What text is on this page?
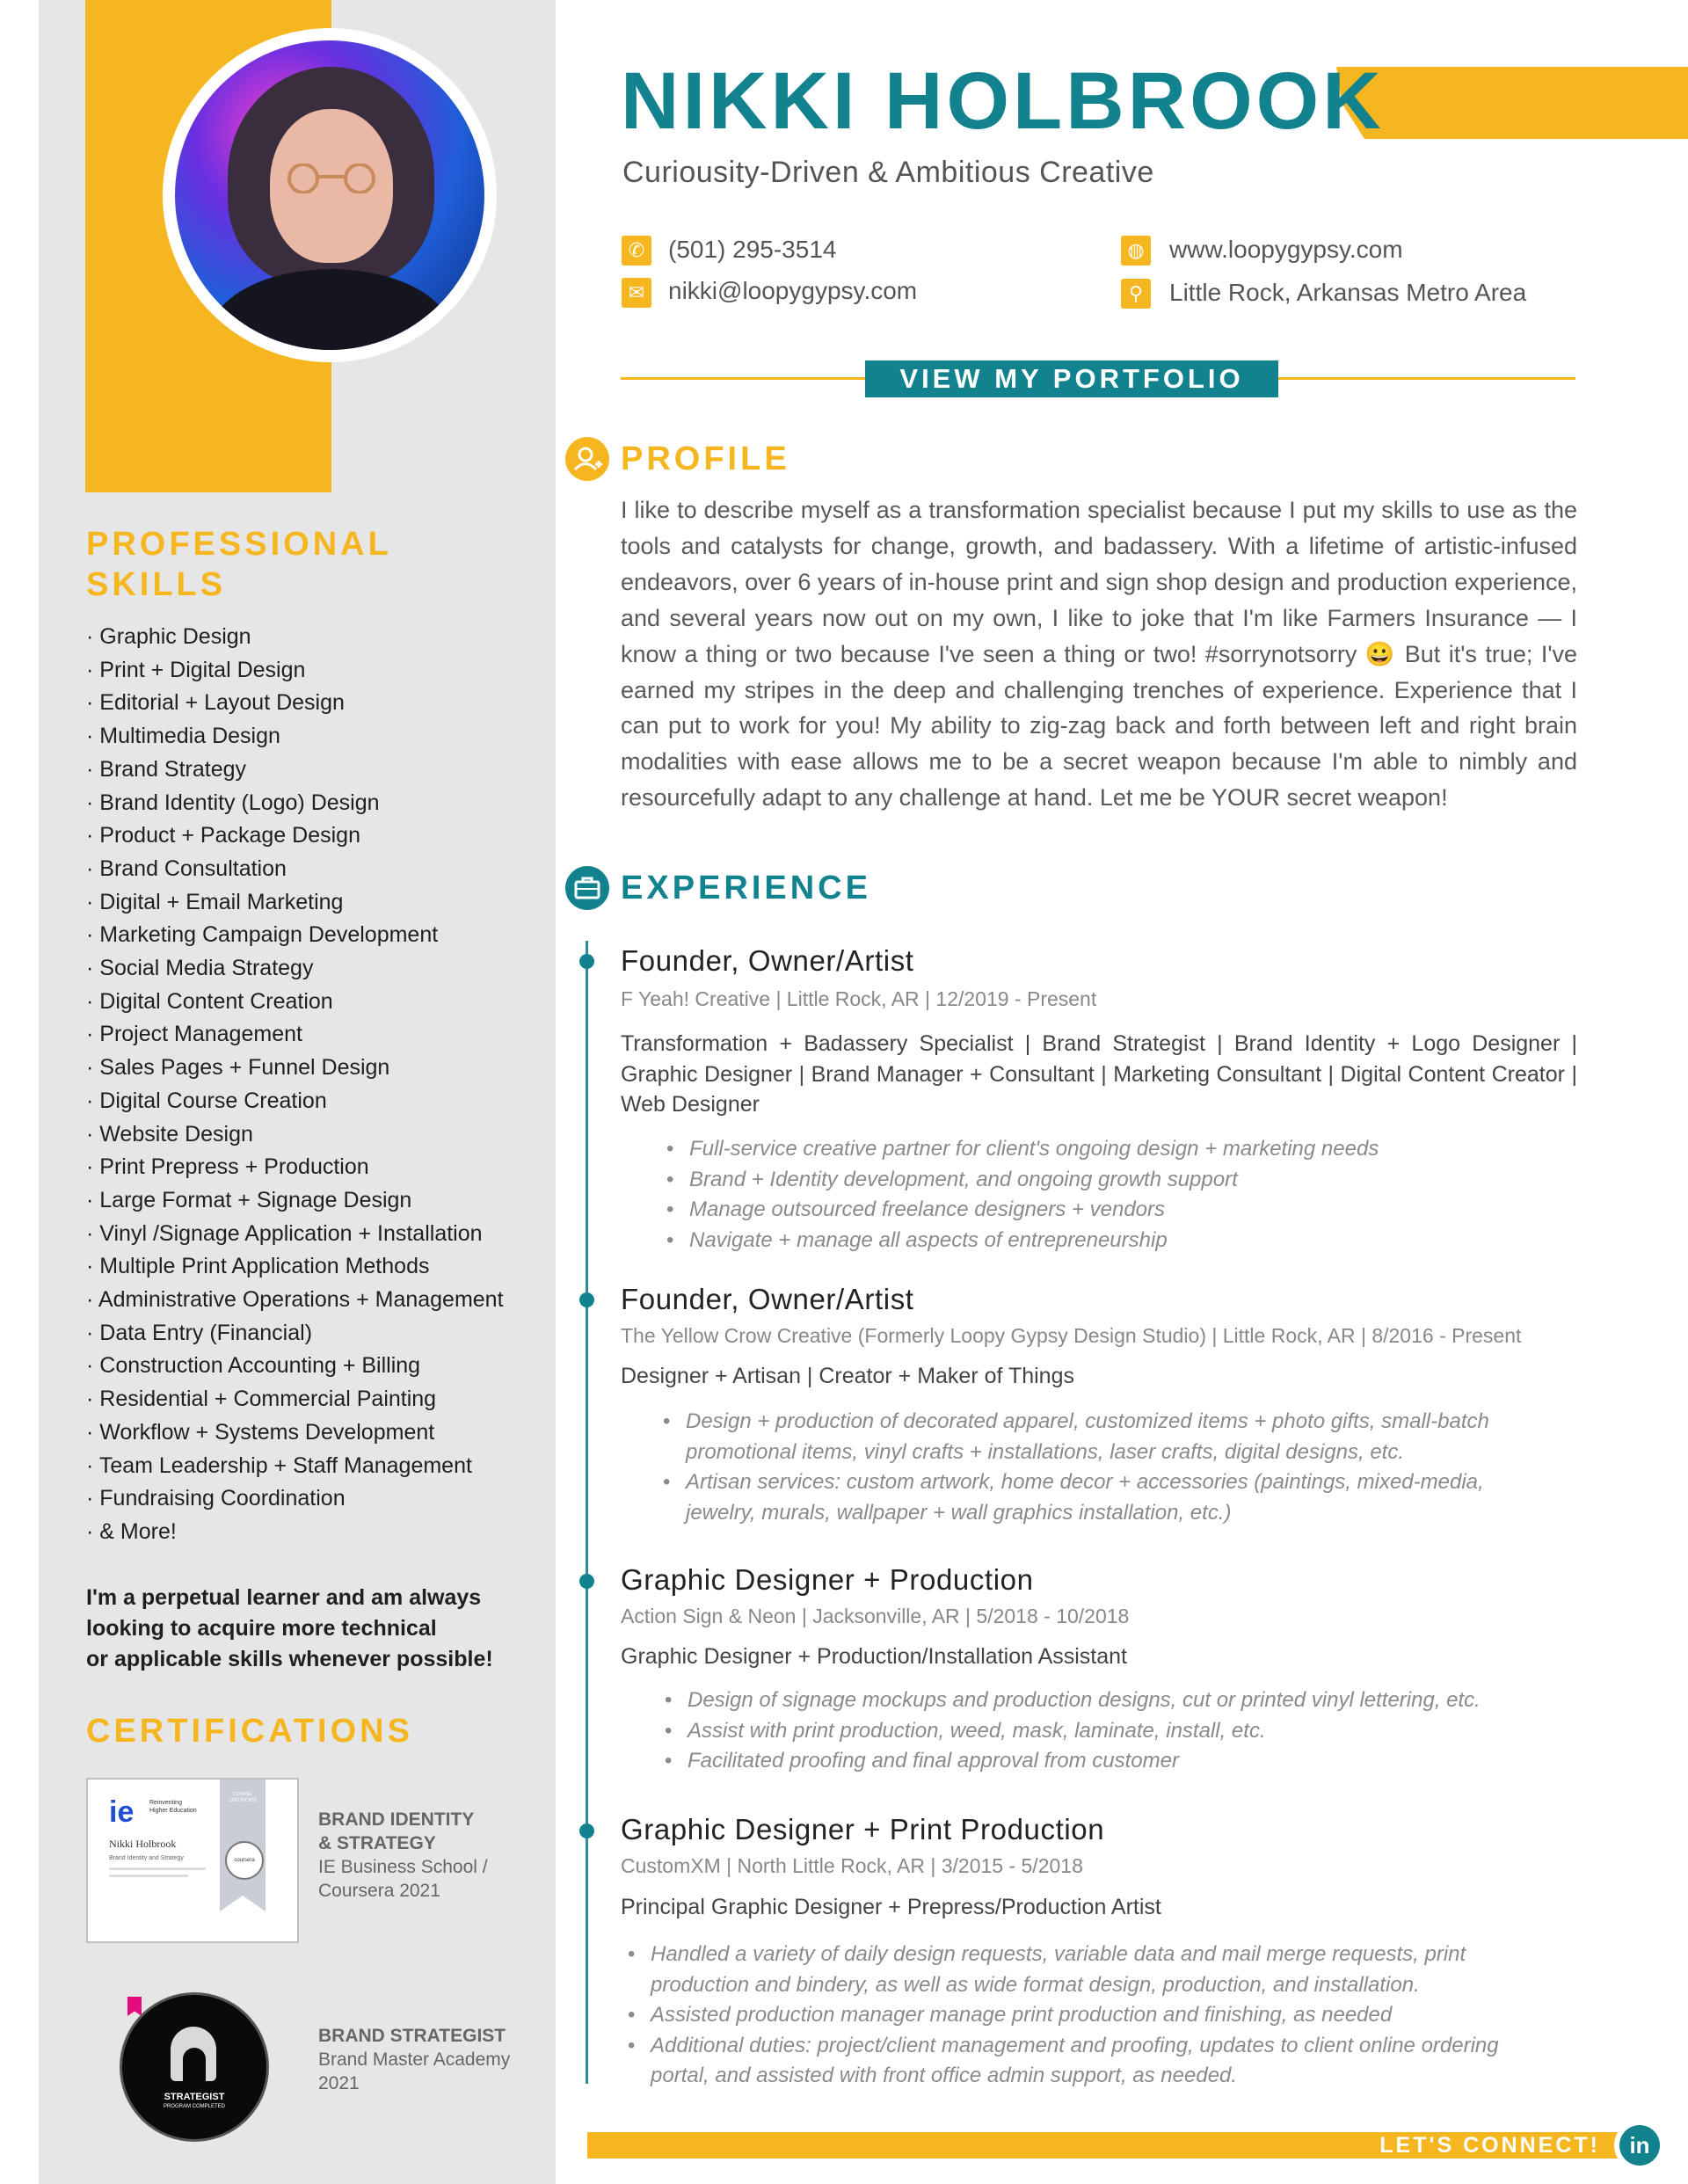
PROFESSIONAL
SKILLS
· Graphic Design
· Print + Digital Design
· Editorial + Layout Design
· Multimedia Design
· Brand Strategy
· Brand Identity (Logo) Design
· Product + Package Design
· Brand Consultation
· Digital + Email Marketing
· Marketing Campaign Development
· Social Media Strategy
· Digital Content Creation
· Project Management
· Sales Pages + Funnel Design
· Digital Course Creation
· Website Design
· Print Prepress + Production
· Large Format + Signage Design
· Vinyl /Signage Application + Installation
· Multiple Print Application Methods
· Administrative Operations + Management
· Data Entry (Financial)
· Construction Accounting + Billing
· Residential + Commercial Painting
· Workflow + Systems Development
· Team Leadership + Staff Management
· Fundraising Coordination
· & More!
I'm a perpetual learner and am always
looking to acquire more technical
or applicable skills whenever possible!
CERTIFICATIONS
ie	Reinventing
Higher Education
Nikki Holbrook
Brand Identity and Strategy
COURSE
CERTIFICATE
coursera
BRAND IDENTITY
& STRATEGY
IE Business School /
Coursera 2021
STRATEGIST
PROGRAM COMPLETED
BRAND STRATEGIST
Brand Master Academy
2021
NIKKI HOLBROOK
Curiousity-Driven & Ambitious Creative
✆ (501) 295-3514
✉ nikki@loopygypsy.com
◍ www.loopygypsy.com
⚲	Little Rock, Arkansas Metro Area
VIEW MY PORTFOLIO
PROFILE
I like to describe myself as a transformation specialist because I put my skills to use as the tools and catalysts for change, growth, and badassery. With a lifetime of artistic-infused endeavors, over 6 years of in-house print and sign shop design and production experience, and several years now out on my own, I like to joke that I'm like Farmers Insurance — I know a thing or two because I've seen a thing or two! #sorrynotsorry 😀 But it's true; I've earned my stripes in the deep and challenging trenches of experience. Experience that I can put to work for you! My ability to zig-zag back and forth between left and right brain modalities with ease allows me to be a secret weapon because I'm able to nimbly and resourcefully adapt to any challenge at hand. Let me be YOUR secret weapon!
EXPERIENCE
Founder, Owner/Artist
F Yeah! Creative | Little Rock, AR | 12/2019 - Present
Transformation + Badassery Specialist | Brand Strategist | Brand Identity + Logo Designer | Graphic Designer | Brand Manager + Consultant | Marketing Consultant | Digital Content Creator | Web Designer
• Full-service creative partner for client's ongoing design + marketing needs
• Brand + Identity development, and ongoing growth support
• Manage outsourced freelance designers + vendors
• Navigate + manage all aspects of entrepreneurship
Founder, Owner/Artist
The Yellow Crow Creative (Formerly Loopy Gypsy Design Studio) | Little Rock, AR | 8/2016 - Present
Designer + Artisan | Creator + Maker of Things
• Design + production of decorated apparel, customized items + photo gifts, small-batch promotional items, vinyl crafts + installations, laser crafts, digital designs, etc.
• Artisan services: custom artwork, home decor + accessories (paintings, mixed-media, jewelry, murals, wallpaper + wall graphics installation, etc.)
Graphic Designer + Production
Action Sign & Neon | Jacksonville, AR | 5/2018 - 10/2018
Graphic Designer + Production/Installation Assistant
• Design of signage mockups and production designs, cut or printed vinyl lettering, etc.
• Assist with print production, weed, mask, laminate, install, etc.
• Facilitated proofing and final approval from customer
Graphic Designer + Print Production
CustomXM | North Little Rock, AR | 3/2015 - 5/2018
Principal Graphic Designer + Prepress/Production Artist
• Handled a variety of daily design requests, variable data and mail merge requests, print production and bindery, as well as wide format design, production, and installation.
• Assisted production manager manage print production and finishing, as needed
• Additional duties: project/client management and proofing, updates to client online ordering portal, and assisted with front office admin support, as needed.
LET'S CONNECT!	in
